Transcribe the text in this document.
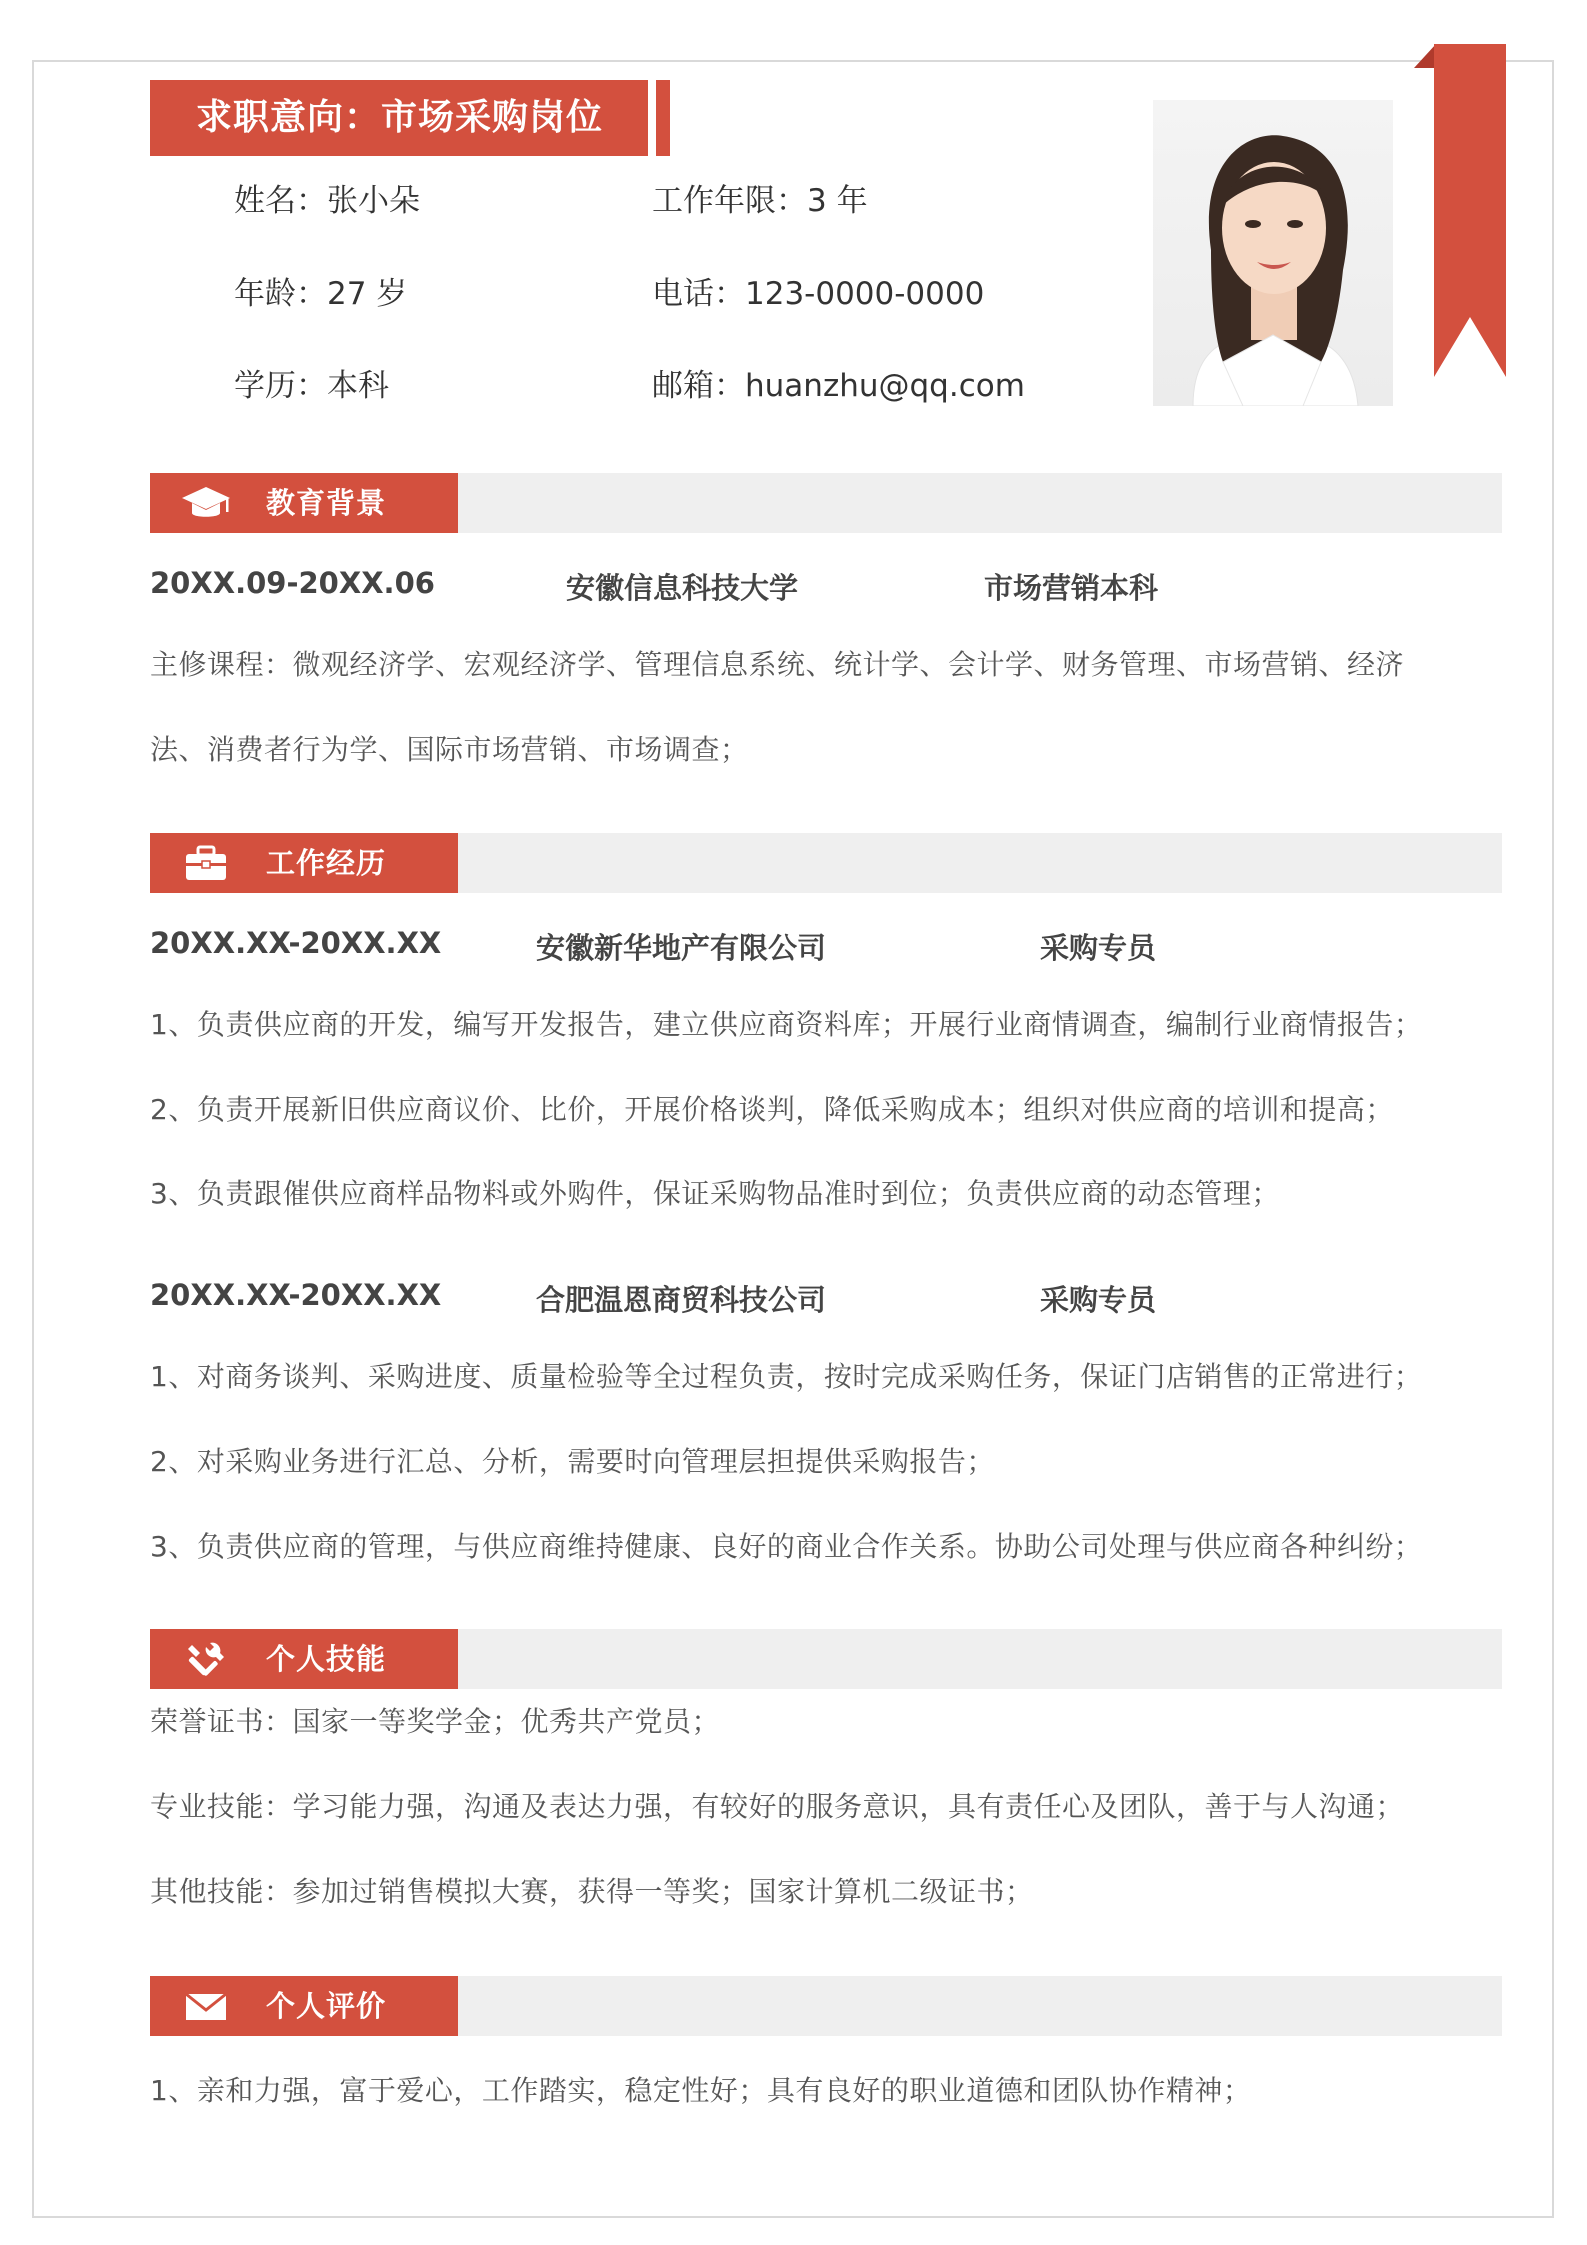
求职意向：市场采购岗位
姓名：张小朵	工作年限：3 年
年龄：27 岁	电话：123-0000-0000
学历：本科	邮箱：huanzhu@qq.com
教育背景
20XX.09-20XX.06	安徽信息科技大学	市场营销本科
主修课程：微观经济学、宏观经济学、管理信息系统、统计学、会计学、财务管理、市场营销、经济
法、消费者行为学、国际市场营销、市场调查；
工作经历
20XX.XX-20XX.XX	安徽新华地产有限公司	采购专员
1、负责供应商的开发，编写开发报告，建立供应商资料库；开展行业商情调查，编制行业商情报告；
2、负责开展新旧供应商议价、比价，开展价格谈判，降低采购成本；组织对供应商的培训和提高；
3、负责跟催供应商样品物料或外购件，保证采购物品准时到位；负责供应商的动态管理；
20XX.XX-20XX.XX	合肥温恩商贸科技公司	采购专员
1、对商务谈判、采购进度、质量检验等全过程负责，按时完成采购任务，保证门店销售的正常进行；
2、对采购业务进行汇总、分析，需要时向管理层担提供采购报告；
3、负责供应商的管理，与供应商维持健康、良好的商业合作关系。协助公司处理与供应商各种纠纷；
个人技能
荣誉证书：国家一等奖学金；优秀共产党员；
专业技能：学习能力强，沟通及表达力强，有较好的服务意识，具有责任心及团队，善于与人沟通；
其他技能：参加过销售模拟大赛，获得一等奖；国家计算机二级证书；
个人评价
1、亲和力强，富于爱心，工作踏实，稳定性好；具有良好的职业道德和团队协作精神；
